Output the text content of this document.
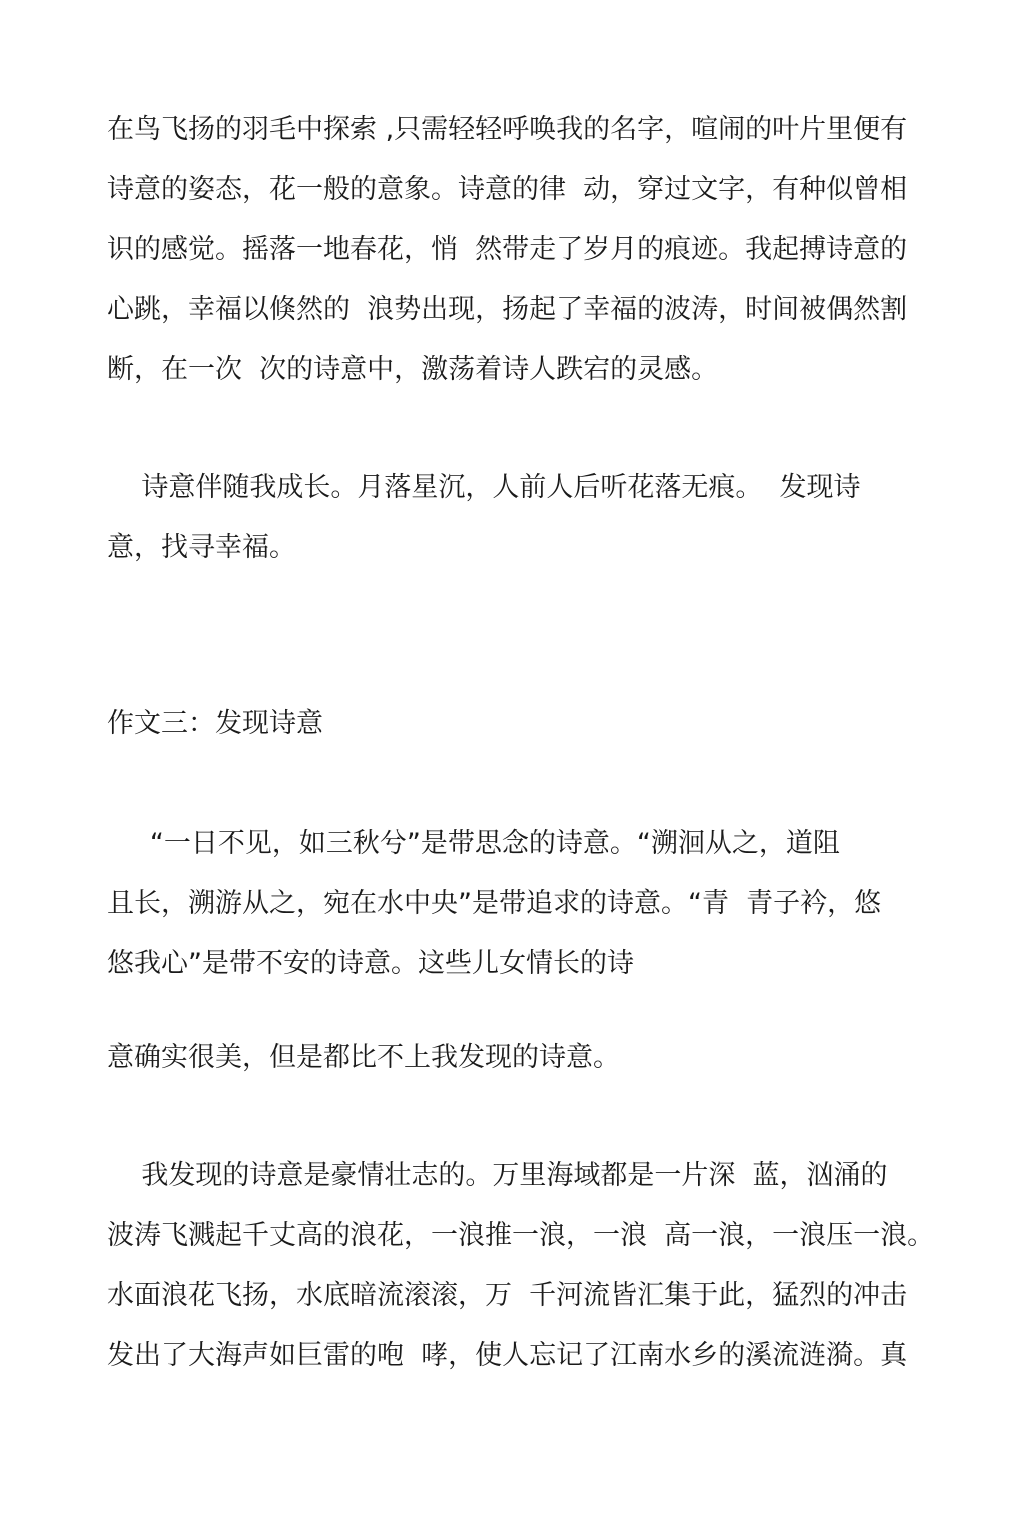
在鸟飞扬的羽毛中探索 ,只需轻轻呼唤我的名字，喧闹的叶片里便有
诗意的姿态，花一般的意象。诗意的律  动，穿过文字，有种似曾相
识的感觉。摇落一地春花，悄  然带走了岁月的痕迹。我起搏诗意的
心跳，幸福以倏然的  浪势出现，扬起了幸福的波涛，时间被偶然割
断，在一次  次的诗意中，激荡着诗人跌宕的灵感。
诗意伴随我成长。月落星沉，人前人后听花落无痕。  发现诗
意，找寻幸福。
作文三：发现诗意
“一日不见，如三秋兮”是带思念的诗意。“溯洄从之，道阻
且长，溯游从之，宛在水中央”是带追求的诗意。“青  青子衿，悠
悠我心”是带不安的诗意。这些儿女情长的诗
意确实很美，但是都比不上我发现的诗意。
我发现的诗意是豪情壮志的。万里海域都是一片深  蓝，汹涌的
波涛飞溅起千丈高的浪花，一浪推一浪，一浪  高一浪，一浪压一浪。
水面浪花飞扬，水底暗流滚滚，万  千河流皆汇集于此，猛烈的冲击
发出了大海声如巨雷的咆  哮，使人忘记了江南水乡的溪流涟漪。真
